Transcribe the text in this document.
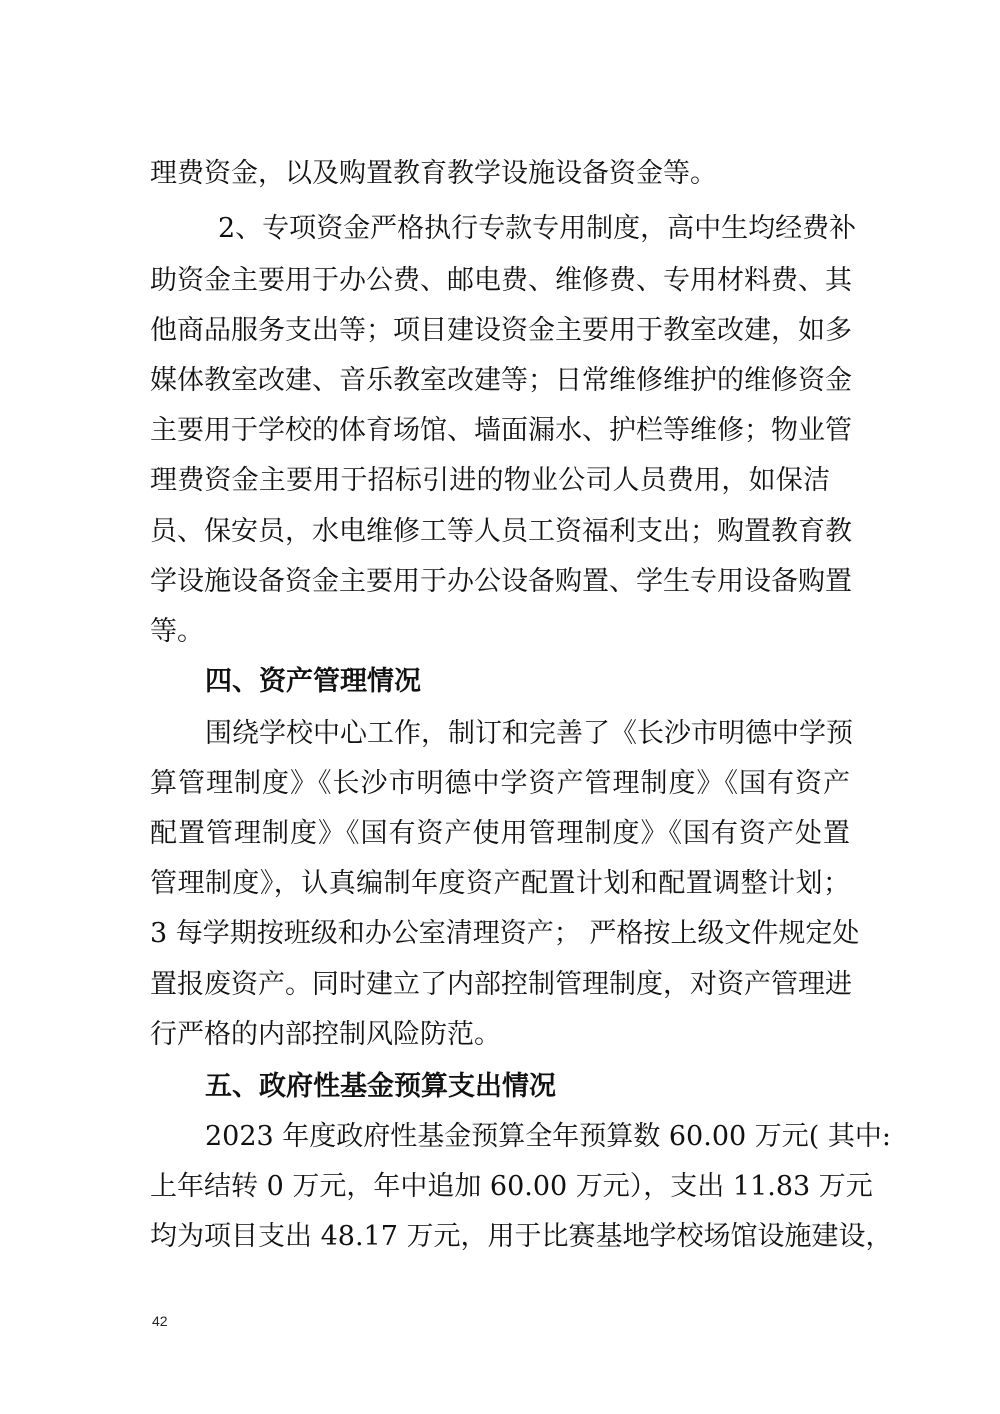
理费资金，以及购置教育教学设施设备资金等。
2、专项资金严格执行专款专用制度，高中生均经费补
助资金主要用于办公费、邮电费、维修费、专用材料费、其
他商品服务支出等；项目建设资金主要用于教室改建，如多
媒体教室改建、音乐教室改建等；日常维修维护的维修资金
主要用于学校的体育场馆、墙面漏水、护栏等维修；物业管
理费资金主要用于招标引进的物业公司人员费用，如保洁
员、保安员，水电维修工等人员工资福利支出；购置教育教
学设施设备资金主要用于办公设备购置、学生专用设备购置
等。
四、资产管理情况
围绕学校中心工作，制订和完善了《长沙市明德中学预
算管理制度》《长沙市明德中学资产管理制度》《国有资产
配置管理制度》《国有资产使用管理制度》《国有资产处置
管理制度》，认真编制年度资产配置计划和配置调整计划；
3 每学期按班级和办公室清理资产； 严格按上级文件规定处
置报废资产。同时建立了内部控制管理制度，对资产管理进
行严格的内部控制风险防范。
五、政府性基金预算支出情况
2023 年度政府性基金预算全年预算数 60.00 万元( 其中:
上年结转 0 万元，年中追加 60.00 万元），支出 11.83 万元
均为项目支出 48.17 万元，用于比赛基地学校场馆设施建设，
42
